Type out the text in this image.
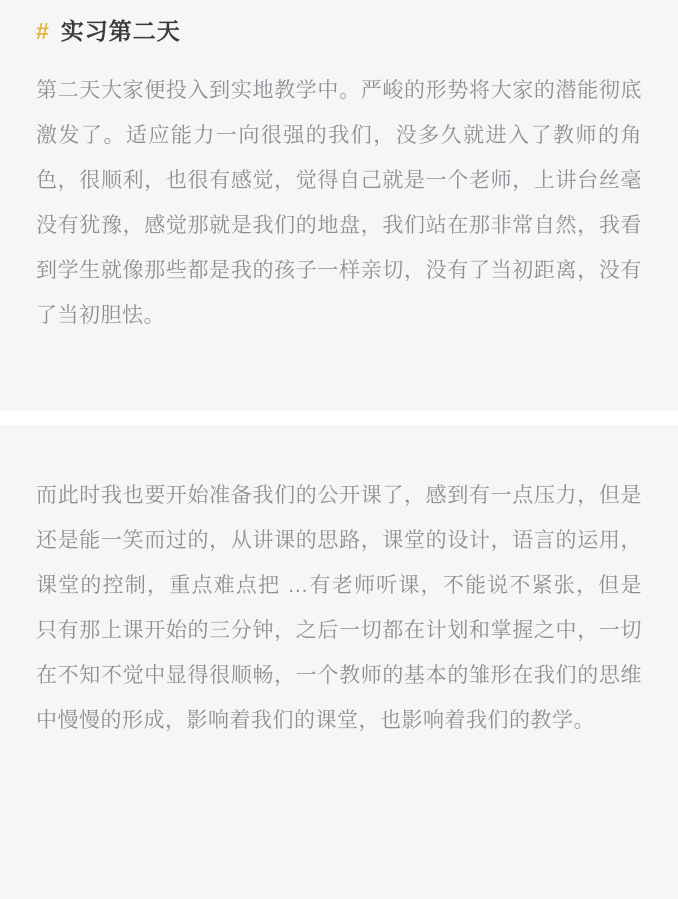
# 实习第二天

第二天大家便投入到实地教学中。严峻的形势将大家的潜能彻底激发了。适应能力一向很强的我们，没多久就进入了教师的角色，很顺利，也很有感觉，觉得自己就是一个老师，上讲台丝毫没有犹豫，感觉那就是我们的地盘，我们站在那非常自然，我看到学生就像那些都是我的孩子一样亲切，没有了当初距离，没有了当初胆怯。

而此时我也要开始准备我们的公开课了，感到有一点压力，但是还是能一笑而过的，从讲课的思路，课堂的设计，语言的运用，课堂的控制，重点难点把 …有老师听课，不能说不紧张，但是只有那上课开始的三分钟，之后一切都在计划和掌握之中，一切在不知不觉中显得很顺畅，一个教师的基本的雏形在我们的思维中慢慢的形成，影响着我们的课堂，也影响着我们的教学。
